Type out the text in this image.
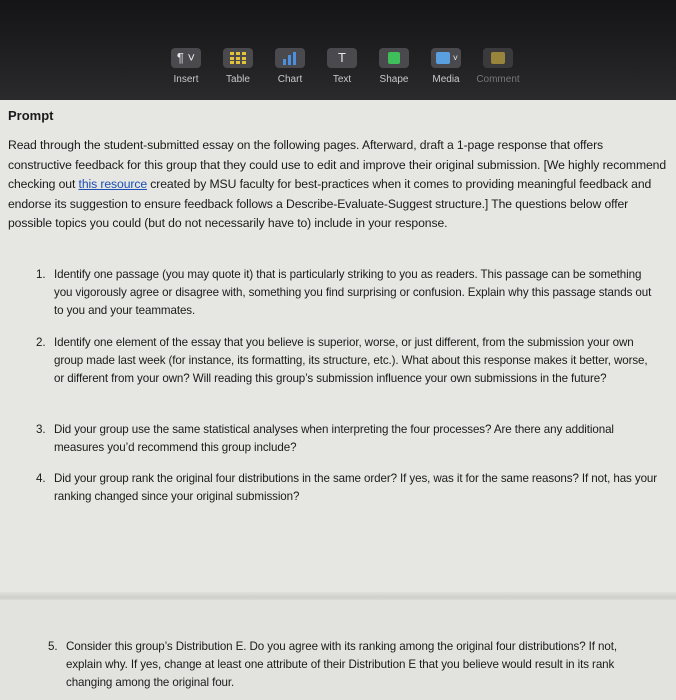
¶ ˅
Insert	Table	Chart
T
Text	Shape
˅
Media	Comment
Prompt
Read through the student-submitted essay on the following pages. Afterward, draft a 1-page response that offers constructive feedback for this group that they could use to edit and improve their original submission. [We highly recommend checking out this resource created by MSU faculty for best-practices when it comes to providing meaningful feedback and endorse its suggestion to ensure feedback follows a Describe-Evaluate-Suggest structure.] The questions below offer possible topics you could (but do not necessarily have to) include in your response.
1. Identify one passage (you may quote it) that is particularly striking to you as readers. This passage can be something you vigorously agree or disagree with, something you find surprising or confusion. Explain why this passage stands out to you and your teammates.
2. Identify one element of the essay that you believe is superior, worse, or just different, from the submission your own group made last week (for instance, its formatting, its structure, etc.). What about this response makes it better, worse, or different from your own? Will reading this group’s submission influence your own submissions in the future?
3. Did your group use the same statistical analyses when interpreting the four processes? Are there any additional measures you’d recommend this group include?
4. Did your group rank the original four distributions in the same order? If yes, was it for the same reasons? If not, has your ranking changed since your original submission?
5. Consider this group’s Distribution E. Do you agree with its ranking among the original four distributions? If not, explain why. If yes, change at least one attribute of their Distribution E that you believe would result in its rank changing among the original four.
